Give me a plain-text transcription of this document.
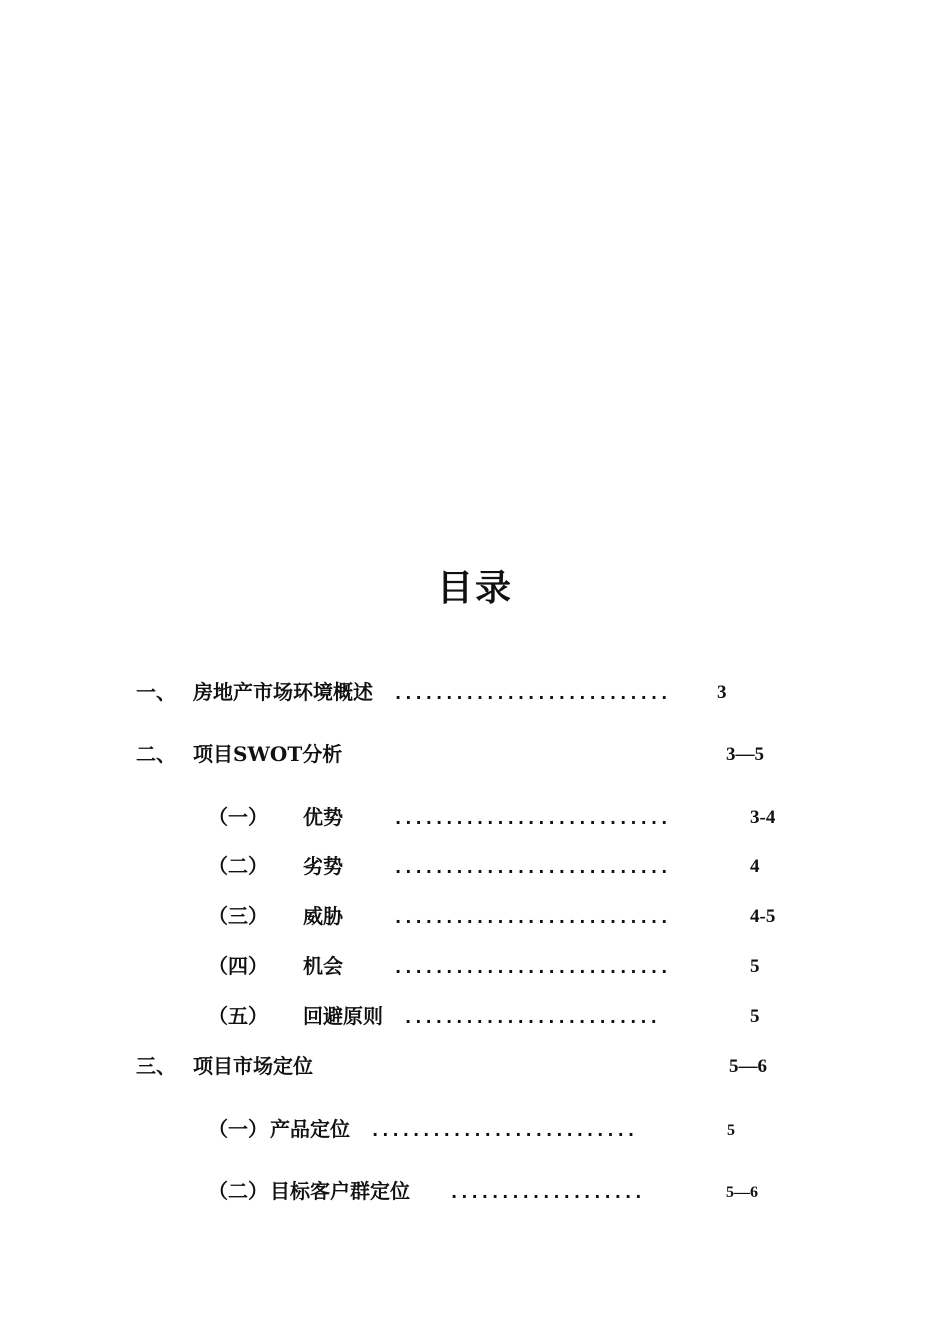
目录
一、 房地产市场环境概述 ...........................	3
二、 项目SWOT分析	3—5
（一） 优势	...........................	3-4
（二） 劣势	...........................	4
（三） 威胁	...........................	4-5
（四） 机会	...........................	5
（五） 回避原则 .........................	5
三、 项目市场定位	5—6
（一） 产品定位 ..........................	5
（二） 目标客户群定位 ...................	5—6
